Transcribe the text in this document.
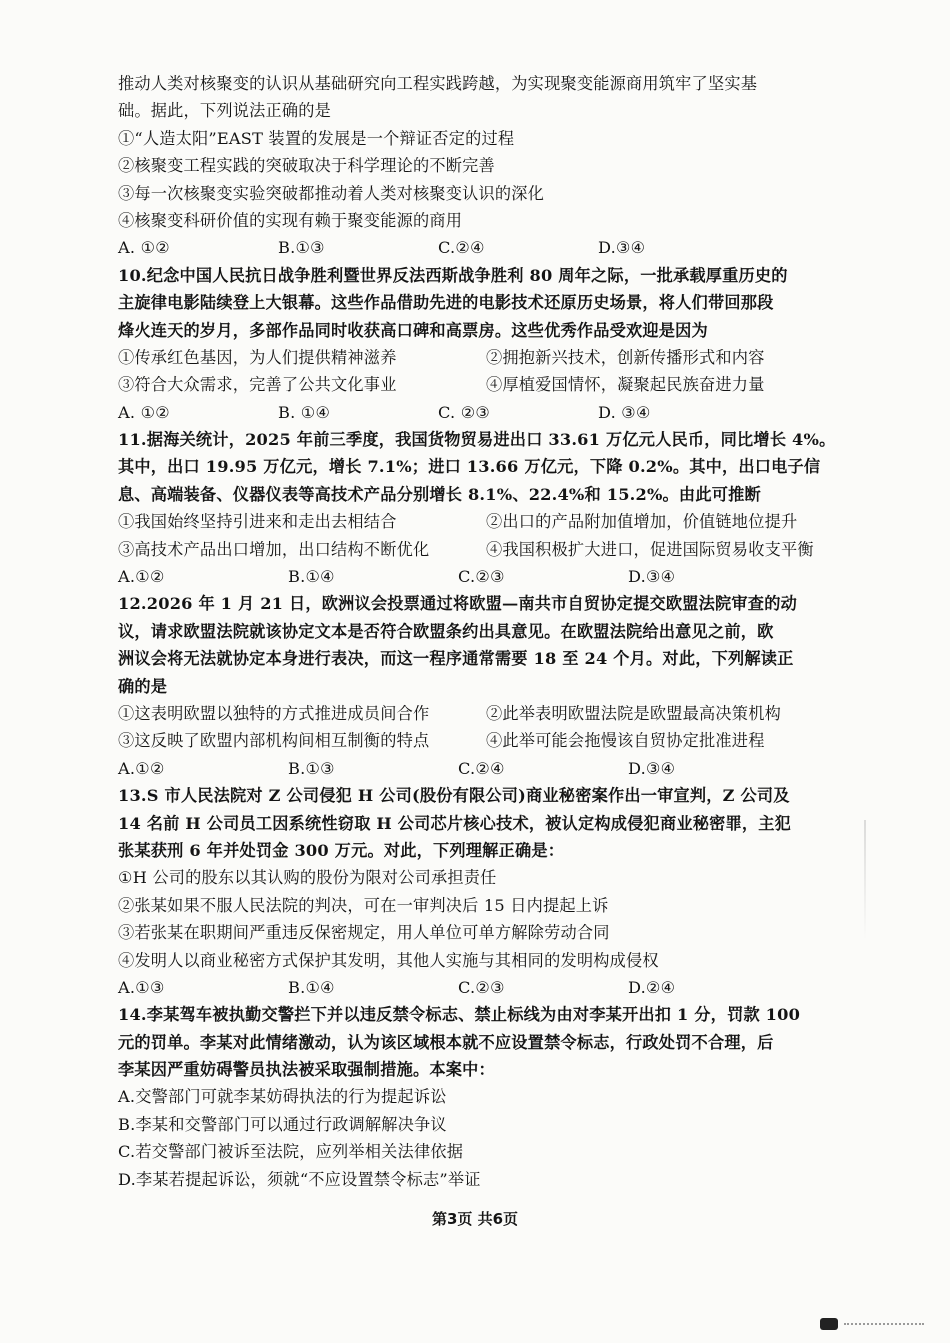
推动人类对核聚变的认识从基础研究向工程实践跨越，为实现聚变能源商用筑牢了坚实基
础。据此，下列说法正确的是
①“人造太阳”EAST 装置的发展是一个辩证否定的过程
②核聚变工程实践的突破取决于科学理论的不断完善
③每一次核聚变实验突破都推动着人类对核聚变认识的深化
④核聚变科研价值的实现有赖于聚变能源的商用
A. ①②	B.①③	C.②④	D.③④
10.纪念中国人民抗日战争胜利暨世界反法西斯战争胜利 80 周年之际，一批承载厚重历史的
主旋律电影陆续登上大银幕。这些作品借助先进的电影技术还原历史场景，将人们带回那段
烽火连天的岁月，多部作品同时收获高口碑和高票房。这些优秀作品受欢迎是因为
①传承红色基因，为人们提供精神滋养	②拥抱新兴技术，创新传播形式和内容
③符合大众需求，完善了公共文化事业	④厚植爱国情怀，凝聚起民族奋进力量
A. ①②	B. ①④	C. ②③	D. ③④
11.据海关统计，2025 年前三季度，我国货物贸易进出口 33.61 万亿元人民币，同比增长 4%。
其中，出口 19.95 万亿元，增长 7.1%；进口 13.66 万亿元，下降 0.2%。其中，出口电子信
息、高端装备、仪器仪表等高技术产品分别增长 8.1%、22.4%和 15.2%。由此可推断
①我国始终坚持引进来和走出去相结合	②出口的产品附加值增加，价值链地位提升
③高技术产品出口增加，出口结构不断优化	④我国积极扩大进口，促进国际贸易收支平衡
A.①②	B.①④	C.②③	D.③④
12.2026 年 1 月 21 日，欧洲议会投票通过将欧盟—南共市自贸协定提交欧盟法院审查的动
议，请求欧盟法院就该协定文本是否符合欧盟条约出具意见。在欧盟法院给出意见之前，欧
洲议会将无法就协定本身进行表决，而这一程序通常需要 18 至 24 个月。对此，下列解读正
确的是
①这表明欧盟以独特的方式推进成员间合作	②此举表明欧盟法院是欧盟最高决策机构
③这反映了欧盟内部机构间相互制衡的特点	④此举可能会拖慢该自贸协定批准进程
A.①②	B.①③	C.②④	D.③④
13.S 市人民法院对 Z 公司侵犯 H 公司(股份有限公司)商业秘密案作出一审宣判，Z 公司及
14 名前 H 公司员工因系统性窃取 H 公司芯片核心技术，被认定构成侵犯商业秘密罪，主犯
张某获刑 6 年并处罚金 300 万元。对此，下列理解正确是：
①H 公司的股东以其认购的股份为限对公司承担责任
②张某如果不服人民法院的判决，可在一审判决后 15 日内提起上诉
③若张某在职期间严重违反保密规定，用人单位可单方解除劳动合同
④发明人以商业秘密方式保护其发明，其他人实施与其相同的发明构成侵权
A.①③	B.①④	C.②③	D.②④
14.李某驾车被执勤交警拦下并以违反禁令标志、禁止标线为由对李某开出扣 1 分，罚款 100
元的罚单。李某对此情绪激动，认为该区域根本就不应设置禁令标志，行政处罚不合理，后
李某因严重妨碍警员执法被采取强制措施。本案中：
A.交警部门可就李某妨碍执法的行为提起诉讼
B.李某和交警部门可以通过行政调解解决争议
C.若交警部门被诉至法院，应列举相关法律依据
D.李某若提起诉讼，须就“不应设置禁令标志”举证
第3页 共6页
